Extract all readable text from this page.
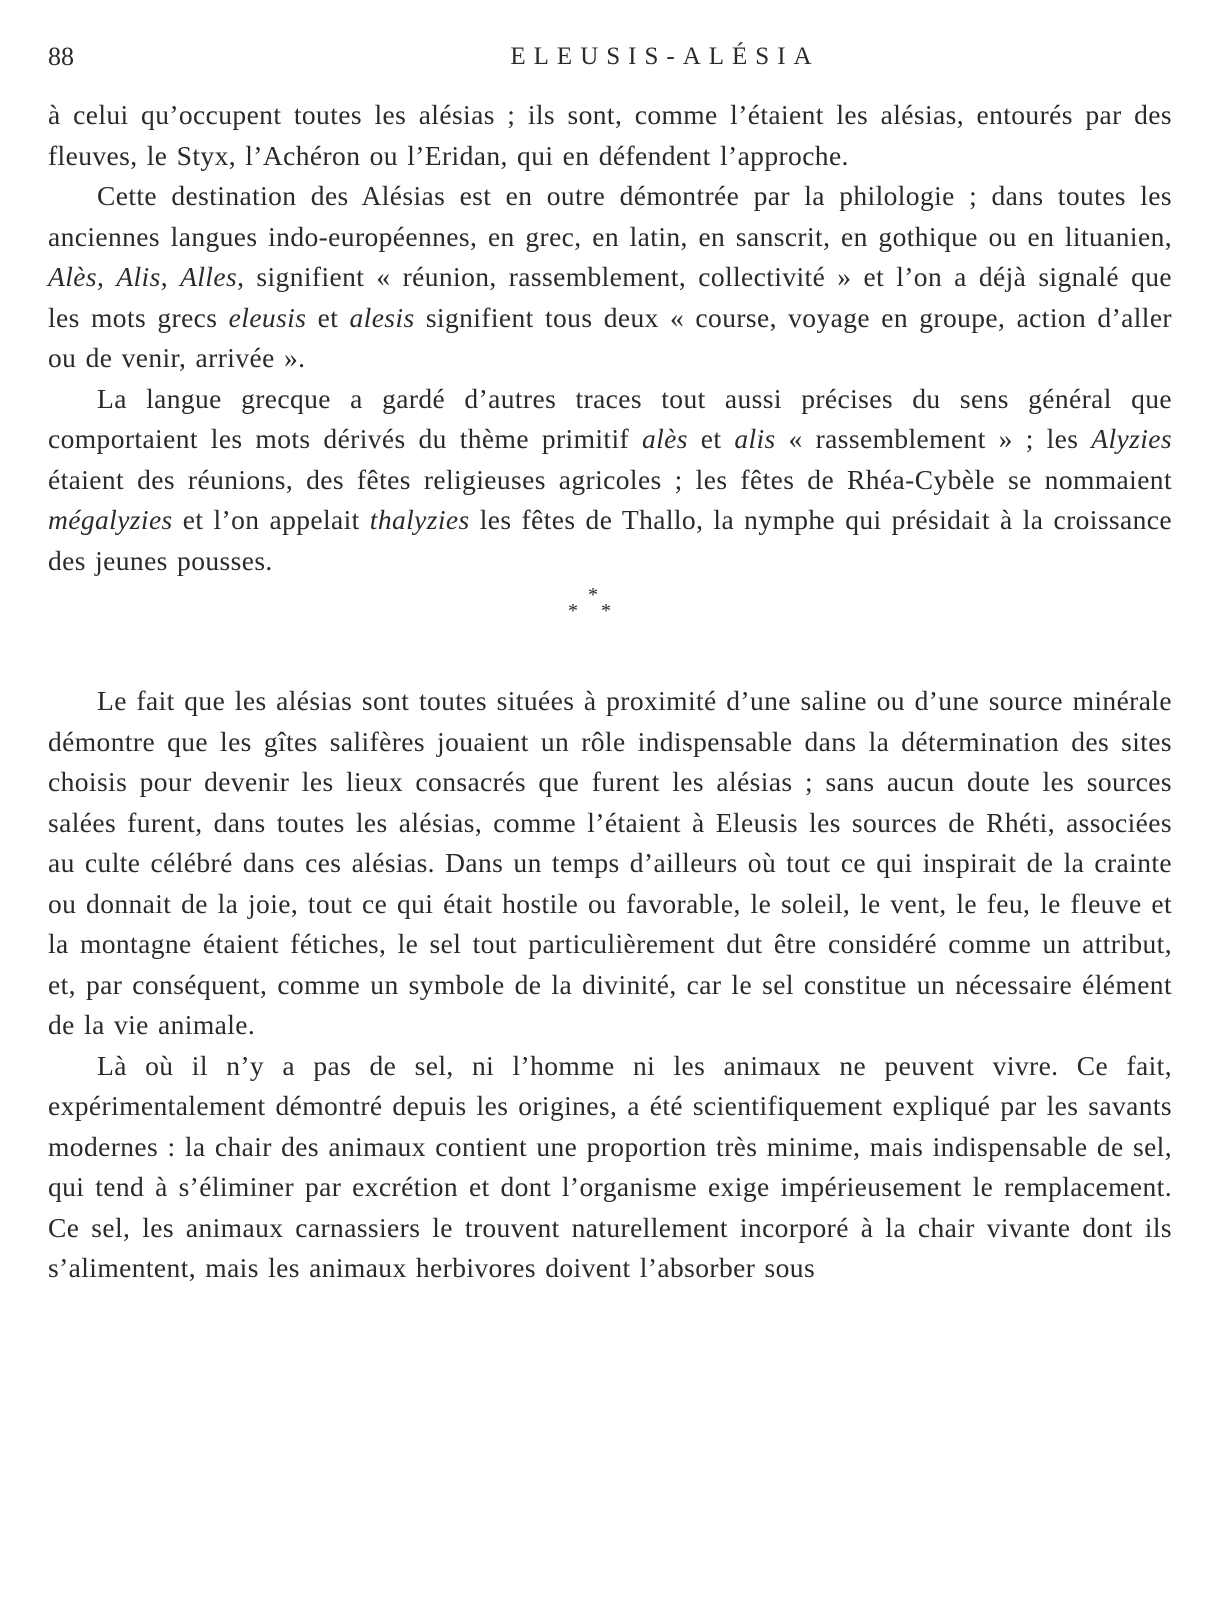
88	ELEUSIS-ALÉSIA

à celui qu’occupent toutes les alésias ; ils sont, comme l’étaient les alésias, entourés par des fleuves, le Styx, l’Achéron ou l’Eridan, qui en défendent l’approche.

Cette destination des Alésias est en outre démontrée par la philologie ; dans toutes les anciennes langues indo-européennes, en grec, en latin, en sanscrit, en gothique ou en lituanien, Alès, Alis, Alles, signifient « réunion, rassemblement, collectivité » et l’on a déjà signalé que les mots grecs eleusis et alesis signifient tous deux « course, voyage en groupe, action d’aller ou de venir, arrivée ».

La langue grecque a gardé d’autres traces tout aussi précises du sens général que comportaient les mots dérivés du thème primitif alès et alis « rassemblement » ; les Alyzies étaient des réunions, des fêtes religieuses agricoles ; les fêtes de Rhéa-Cybèle se nommaient mégalyzies et l’on appelait thalyzies les fêtes de Thallo, la nymphe qui présidait à la croissance des jeunes pousses.

*
* *

Le fait que les alésias sont toutes situées à proximité d’une saline ou d’une source minérale démontre que les gîtes salifères jouaient un rôle indispensable dans la détermination des sites choisis pour devenir les lieux consacrés que furent les alésias ; sans aucun doute les sources salées furent, dans toutes les alésias, comme l’étaient à Eleusis les sources de Rhéti, associées au culte célébré dans ces alésias. Dans un temps d’ailleurs où tout ce qui inspirait de la crainte ou donnait de la joie, tout ce qui était hostile ou favorable, le soleil, le vent, le feu, le fleuve et la montagne étaient fétiches, le sel tout particulièrement dut être considéré comme un attribut, et, par conséquent, comme un symbole de la divinité, car le sel constitue un nécessaire élément de la vie animale.

Là où il n’y a pas de sel, ni l’homme ni les animaux ne peuvent vivre. Ce fait, expérimentalement démontré depuis les origines, a été scientifiquement expliqué par les savants modernes : la chair des animaux contient une proportion très minime, mais indispensable de sel, qui tend à s’éliminer par excrétion et dont l’organisme exige impérieusement le remplacement. Ce sel, les animaux carnassiers le trouvent naturellement incorporé à la chair vivante dont ils s’alimentent, mais les animaux herbivores doivent l’absorber sous
